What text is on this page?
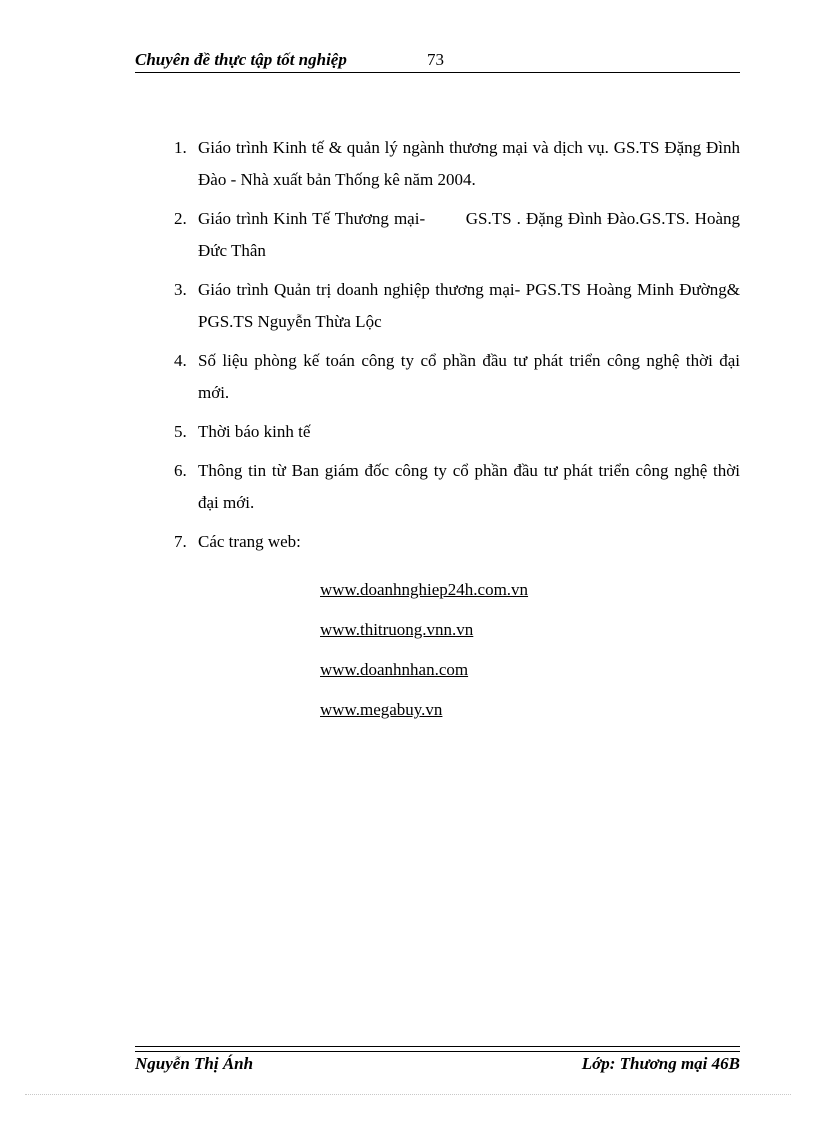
Chuyên đề thực tập tốt nghiệp	73
1. Giáo trình Kinh tế & quản lý ngành thương mại và dịch vụ. GS.TS Đặng Đình Đào - Nhà xuất bản Thống kê năm 2004.
2. Giáo trình Kinh Tế Thương mại-        GS.TS . Đặng Đình Đào.GS.TS. Hoàng Đức Thân
3. Giáo trình Quản trị doanh nghiệp thương mại- PGS.TS Hoàng Minh Đường& PGS.TS Nguyễn Thừa Lộc
4. Số liệu phòng kế toán công ty cổ phần đầu tư phát triển công nghệ thời đại mới.
5. Thời báo kinh tế
6. Thông tin từ Ban giám đốc công ty cổ phần đầu tư phát triển công nghệ thời đại mới.
7. Các trang web:
www.doanhnghiep24h.com.vn
www.thitruong.vnn.vn
www.doanhnhan.com
www.megabuy.vn
Nguyễn Thị Ánh	Lớp: Thương mại 46B
